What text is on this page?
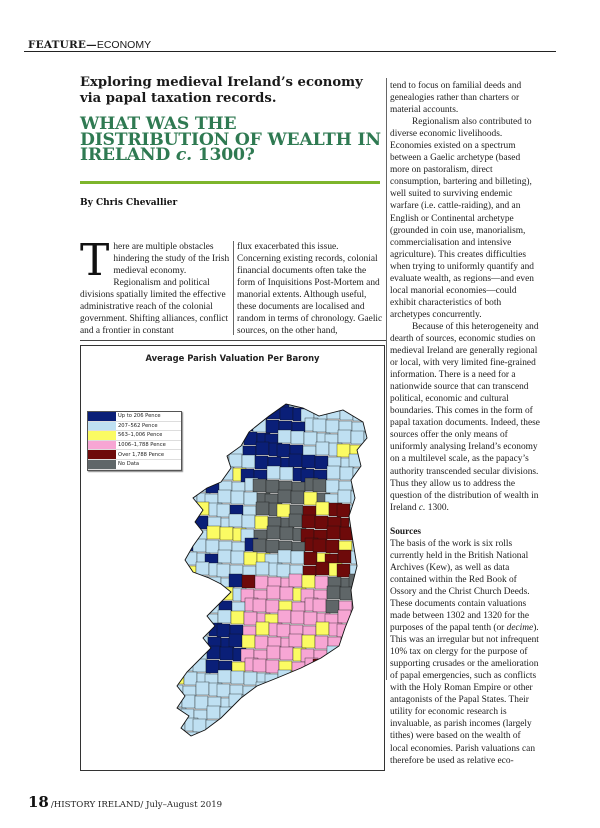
FEATURE—ECONOMY
Exploring medieval Ireland’s economy via papal taxation records.
WHAT WAS THE DISTRIBUTION OF WEALTH IN IRELAND c. 1300?
By Chris Chevallier
T here are multiple obstacles hindering the study of the Irish medieval economy. Regionalism and political divisions spatially limited the effective administrative reach of the colonial government. Shifting alliances, conflict and a frontier in constant

flux exacerbated this issue. Concerning existing records, colonial financial documents often take the form of Inquisitions Post-Mortem and manorial extents. Although useful, these documents are localised and random in terms of chronology. Gaelic sources, on the other hand,

tend to focus on familial deeds and genealogies rather than charters or material accounts.

Regionalism also contributed to diverse economic livelihoods. Economies existed on a spectrum between a Gaelic archetype (based more on pastoralism, direct consumption, bartering and billeting), well suited to surviving endemic warfare (i.e. cattle-raiding), and an English or Continental archetype (grounded in coin use, manorialism, commercialisation and intensive agriculture). This creates difficulties when trying to uniformly quantify and evaluate wealth, as regions—and even local manorial economies—could exhibit characteristics of both archetypes concurrently.

Because of this heterogeneity and dearth of sources, economic studies on medieval Ireland are generally regional or local, with very limited fine-grained information. There is a need for a nationwide source that can transcend political, economic and cultural boundaries. This comes in the form of papal taxation documents. Indeed, these sources offer the only means of uniformly analysing Ireland’s economy on a multilevel scale, as the papacy’s authority transcended secular divisions. Thus they allow us to address the question of the distribution of wealth in Ireland c. 1300.

Sources

The basis of the work is six rolls currently held in the British National Archives (Kew), as well as data contained within the Red Book of Ossory and the Christ Church Deeds. These documents contain valuations made between 1302 and 1320 for the purposes of the papal tenth (or decime). This was an irregular but not infrequent 10% tax on clergy for the purpose of supporting crusades or the amelioration of papal emergencies, such as conflicts with the Holy Roman Empire or other antagonists of the Papal States. Their utility for economic research is invaluable, as parish incomes (largely tithes) were based on the wealth of local economies. Parish valuations can therefore be used as relative eco-

Average Parish Valuation Per Barony
Up to 206 Pence
207–562 Pence
563–1,006 Pence
1006–1,788 Pence
Over 1,788 Pence
No Data
18 /HISTORY IRELAND/ July–August 2019
